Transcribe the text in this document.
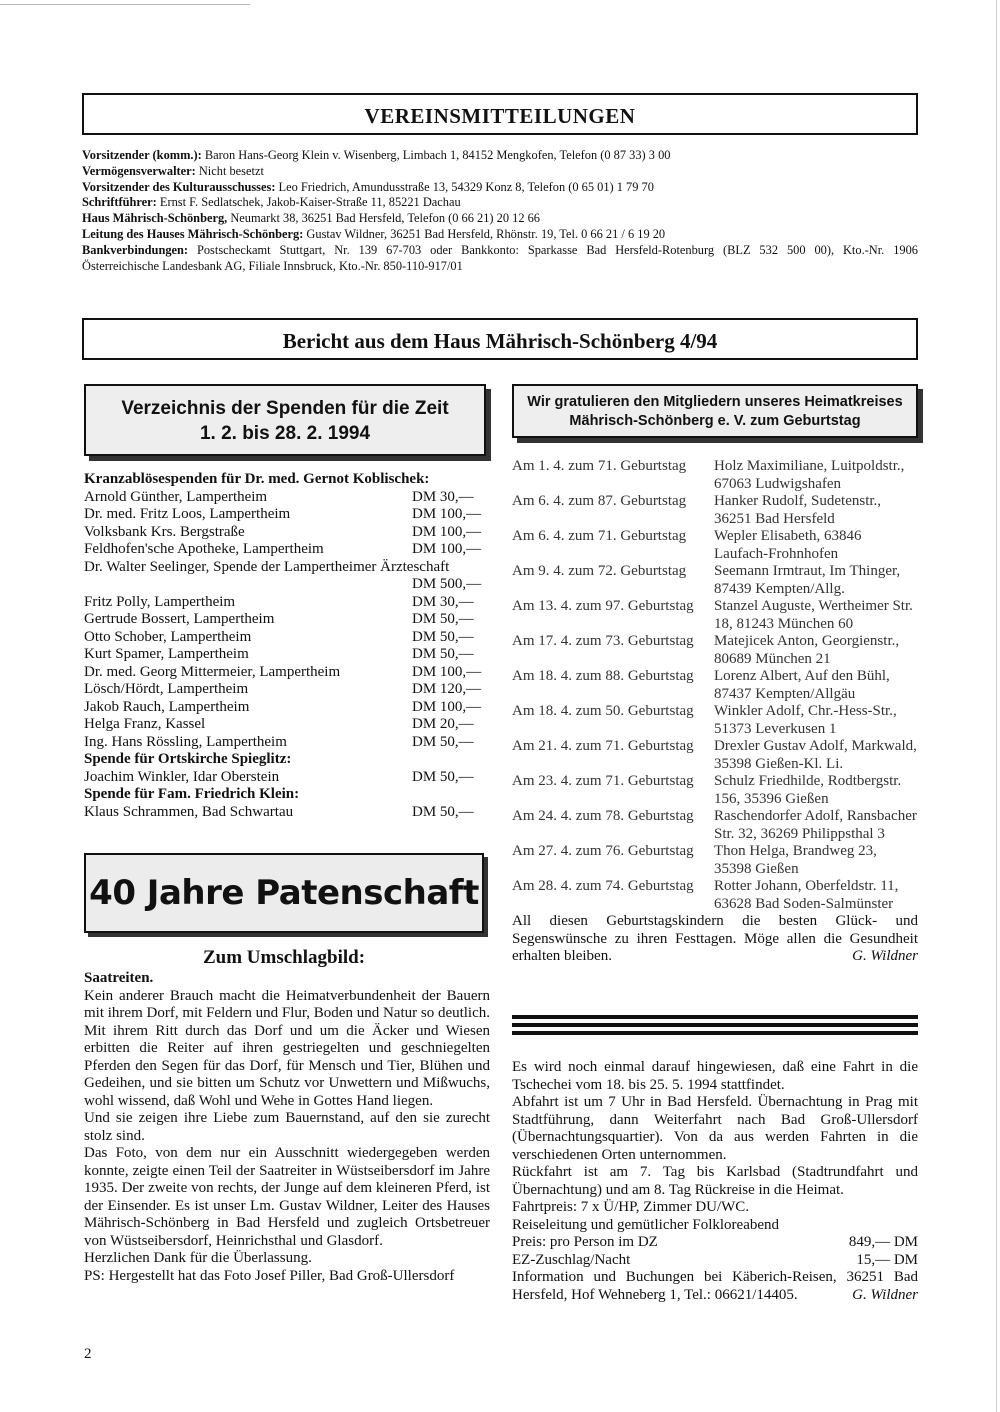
VEREINSMITTEILUNGEN
Vorsitzender (komm.): Baron Hans-Georg Klein v. Wisenberg, Limbach 1, 84152 Mengkofen, Telefon (0 87 33) 3 00
Vermögensverwalter: Nicht besetzt
Vorsitzender des Kulturausschusses: Leo Friedrich, Amundusstraße 13, 54329 Konz 8, Telefon (0 65 01) 1 79 70
Schriftführer: Ernst F. Sedlatschek, Jakob-Kaiser-Straße 11, 85221 Dachau
Haus Mährisch-Schönberg, Neumarkt 38, 36251 Bad Hersfeld, Telefon (0 66 21) 20 12 66
Leitung des Hauses Mährisch-Schönberg: Gustav Wildner, 36251 Bad Hersfeld, Rhönstr. 19, Tel. 0 66 21 / 6 19 20
Bankverbindungen: Postscheckamt Stuttgart, Nr. 139 67-703 oder Bankkonto: Sparkasse Bad Hersfeld-Rotenburg (BLZ 532 500 00), Kto.-Nr. 1906
Österreichische Landesbank AG, Filiale Innsbruck, Kto.-Nr. 850-110-917/01
Bericht aus dem Haus Mährisch-Schönberg 4/94
Verzeichnis der Spenden für die Zeit
1. 2. bis 28. 2. 1994
Kranzablösespenden für Dr. med. Gernot Koblischek:
Arnold Günther, Lampertheim	DM 30,—
Dr. med. Fritz Loos, Lampertheim	DM 100,—
Volksbank Krs. Bergstraße	DM 100,—
Feldhofen'sche Apotheke, Lampertheim	DM 100,—
Dr. Walter Seelinger, Spende der Lampertheimer Ärzteschaft
DM 500,—
Fritz Polly, Lampertheim	DM 30,—
Gertrude Bossert, Lampertheim	DM 50,—
Otto Schober, Lampertheim	DM 50,—
Kurt Spamer, Lampertheim	DM 50,—
Dr. med. Georg Mittermeier, Lampertheim	DM 100,—
Lösch/Hördt, Lampertheim	DM 120,—
Jakob Rauch, Lampertheim	DM 100,—
Helga Franz, Kassel	DM 20,—
Ing. Hans Rössling, Lampertheim	DM 50,—
Spende für Ortskirche Spieglitz:
Joachim Winkler, Idar Oberstein	DM 50,—
Spende für Fam. Friedrich Klein:
Klaus Schrammen, Bad Schwartau	DM 50,—
40 Jahre Patenschaft
Zum Umschlagbild:
Saatreiten.
Kein anderer Brauch macht die Heimatverbundenheit der Bauern mit ihrem Dorf, mit Feldern und Flur, Boden und Natur so deutlich.
Mit ihrem Ritt durch das Dorf und um die Äcker und Wiesen erbitten die Reiter auf ihren gestriegelten und geschniegelten Pferden den Segen für das Dorf, für Mensch und Tier, Blühen und Gedeihen, und sie bitten um Schutz vor Unwettern und Mißwuchs, wohl wissend, daß Wohl und Wehe in Gottes Hand liegen.
Und sie zeigen ihre Liebe zum Bauernstand, auf den sie zurecht stolz sind.
Das Foto, von dem nur ein Ausschnitt wiedergegeben werden konnte, zeigte einen Teil der Saatreiter in Wüstseibersdorf im Jahre 1935. Der zweite von rechts, der Junge auf dem kleineren Pferd, ist der Einsender. Es ist unser Lm. Gustav Wildner, Leiter des Hauses Mährisch-Schönberg in Bad Hersfeld und zugleich Ortsbetreuer von Wüstseibersdorf, Heinrichsthal und Glasdorf.
Herzlichen Dank für die Überlassung.
PS: Hergestellt hat das Foto Josef Piller, Bad Groß-Ullersdorf
Wir gratulieren den Mitgliedern unseres Heimatkreises
Mährisch-Schönberg e. V. zum Geburtstag
Am 1. 4. zum 71. Geburtstag	Holz Maximiliane, Luitpoldstr., 67063 Ludwigshafen
Am 6. 4. zum 87. Geburtstag	Hanker Rudolf, Sudetenstr., 36251 Bad Hersfeld
Am 6. 4. zum 71. Geburtstag	Wepler Elisabeth, 63846 Laufach-Frohnhofen
Am 9. 4. zum 72. Geburtstag	Seemann Irmtraut, Im Thinger, 87439 Kempten/Allg.
Am 13. 4. zum 97. Geburtstag	Stanzel Auguste, Wertheimer Str. 18, 81243 München 60
Am 17. 4. zum 73. Geburtstag	Matejicek Anton, Georgienstr., 80689 München 21
Am 18. 4. zum 88. Geburtstag	Lorenz Albert, Auf den Bühl, 87437 Kempten/Allgäu
Am 18. 4. zum 50. Geburtstag	Winkler Adolf, Chr.-Hess-Str., 51373 Leverkusen 1
Am 21. 4. zum 71. Geburtstag	Drexler Gustav Adolf, Markwald, 35398 Gießen-Kl. Li.
Am 23. 4. zum 71. Geburtstag	Schulz Friedhilde, Rodtbergstr. 156, 35396 Gießen
Am 24. 4. zum 78. Geburtstag	Raschendorfer Adolf, Ransbacher Str. 32, 36269 Philippsthal 3
Am 27. 4. zum 76. Geburtstag	Thon Helga, Brandweg 23, 35398 Gießen
Am 28. 4. zum 74. Geburtstag	Rotter Johann, Oberfeldstr. 11, 63628 Bad Soden-Salmünster
All diesen Geburtstagskindern die besten Glück- und Segenswünsche zu ihren Festtagen. Möge allen die Gesundheit erhalten bleiben.	G. Wildner
Es wird noch einmal darauf hingewiesen, daß eine Fahrt in die Tschechei vom 18. bis 25. 5. 1994 stattfindet.
Abfahrt ist um 7 Uhr in Bad Hersfeld. Übernachtung in Prag mit Stadtführung, dann Weiterfahrt nach Bad Groß-Ullersdorf (Übernachtungsquartier). Von da aus werden Fahrten in die verschiedenen Orten unternommen.
Rückfahrt ist am 7. Tag bis Karlsbad (Stadtrundfahrt und Übernachtung) und am 8. Tag Rückreise in die Heimat.
Fahrtpreis: 7 x Ü/HP, Zimmer DU/WC.
Reiseleitung und gemütlicher Folkloreabend
Preis: pro Person im DZ	849,— DM
EZ-Zuschlag/Nacht	15,— DM
Information und Buchungen bei Käberich-Reisen, 36251 Bad
Hersfeld, Hof Wehneberg 1, Tel.: 06621/14405.	G. Wildner
2
